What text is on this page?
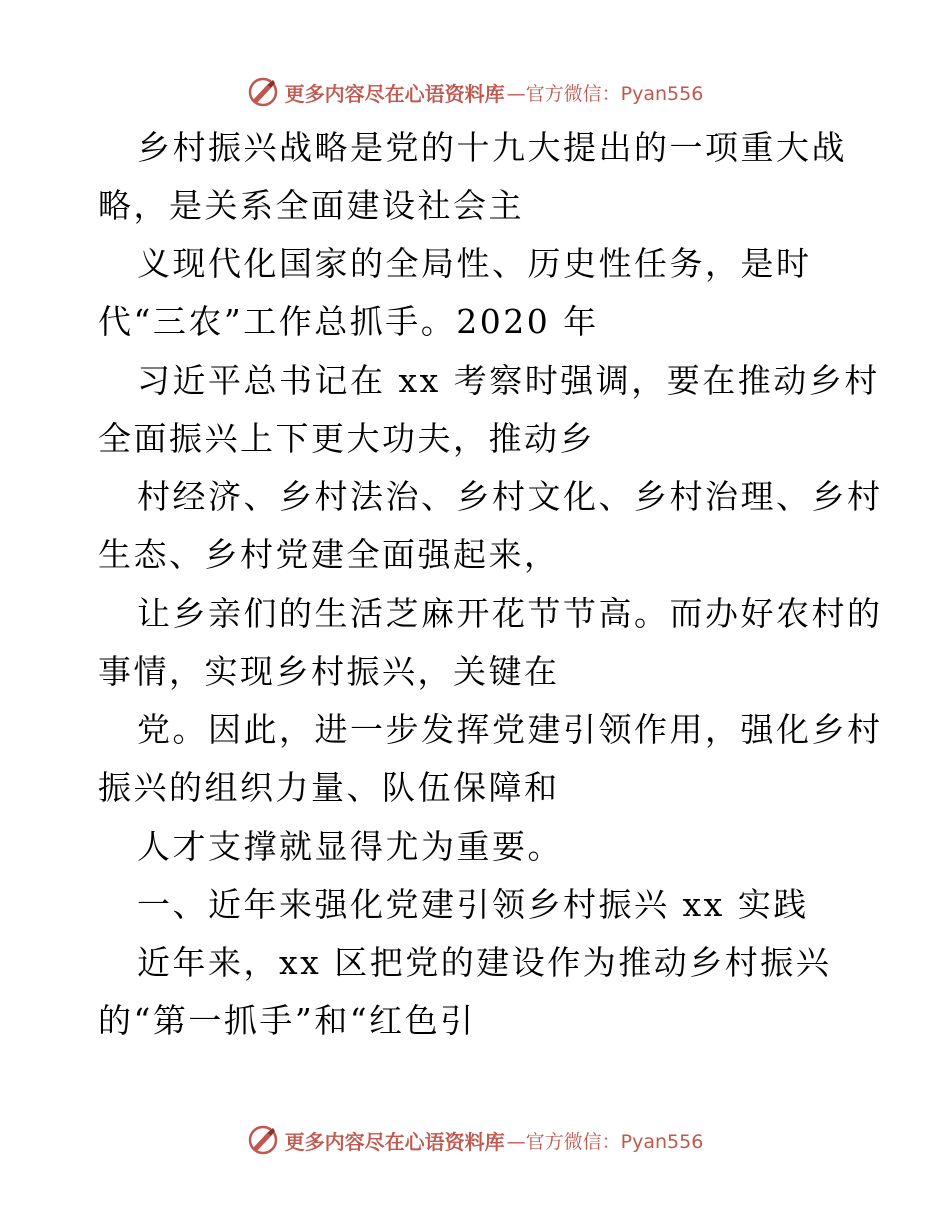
更多内容尽在心语资料库 —官方微信：Pyan556
乡村振兴战略是党的十九大提出的一项重大战
略，是关系全面建设社会主
义现代化国家的全局性、历史性任务，是时
代“三农”工作总抓手。2020 年
习近平总书记在 xx 考察时强调，要在推动乡村
全面振兴上下更大功夫，推动乡
村经济、乡村法治、乡村文化、乡村治理、乡村
生态、乡村党建全面强起来，
让乡亲们的生活芝麻开花节节高。而办好农村的
事情，实现乡村振兴，关键在
党。因此，进一步发挥党建引领作用，强化乡村
振兴的组织力量、队伍保障和
人才支撑就显得尤为重要。
一、近年来强化党建引领乡村振兴 xx 实践
近年来，xx 区把党的建设作为推动乡村振兴
的“第一抓手”和“红色引
更多内容尽在心语资料库 —官方微信：Pyan556
